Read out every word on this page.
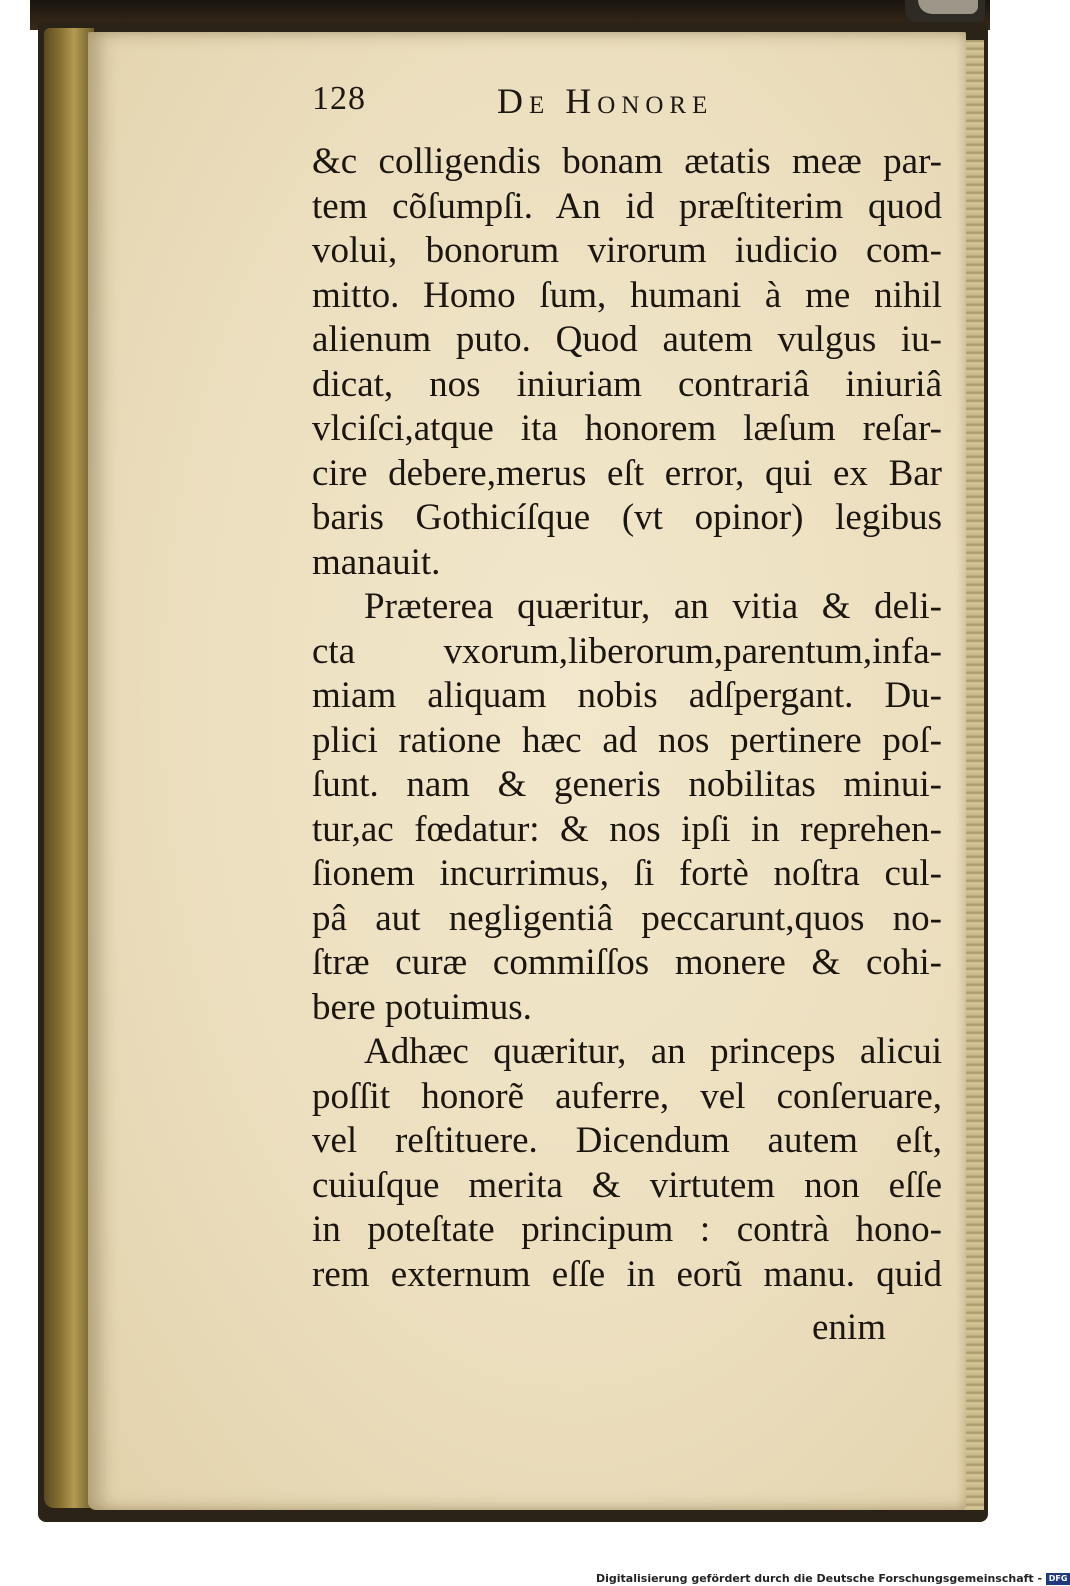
128	De Honore
&c colligendis bonam ætatis meæ par-
tem cõſumpſi. An id præſtiterim quod
volui, bonorum virorum iudicio com-
mitto. Homo ſum, humani à me nihil
alienum puto. Quod autem vulgus iu-
dicat, nos iniuriam contrariâ iniuriâ
vlciſci,atque ita honorem læſum reſar-
cire debere,merus eſt error, qui ex Bar
baris Gothicíſque (vt opinor) legibus
manauit.
Præterea quæritur, an vitia & deli-
cta vxorum,liberorum,parentum,infa-
miam aliquam nobis adſpergant. Du-
plici ratione hæc ad nos pertinere poſ-
ſunt. nam & generis nobilitas minui-
tur,ac fœdatur: & nos ipſi in reprehen-
ſionem incurrimus, ſi fortè noſtra cul-
pâ aut negligentiâ peccarunt,quos no-
ſtræ curæ commiſſos monere & cohi-
bere potuimus.
Adhæc quæritur, an princeps alicui
poſſit honorẽ auferre, vel conſeruare,
vel reſtituere. Dicendum autem eſt,
cuiuſque merita & virtutem non eſſe
in poteſtate principum : contrà hono-
rem externum eſſe in eorũ manu. quid
enim
Digitalisierung gefördert durch die Deutsche Forschungsgemeinschaft - DFG
